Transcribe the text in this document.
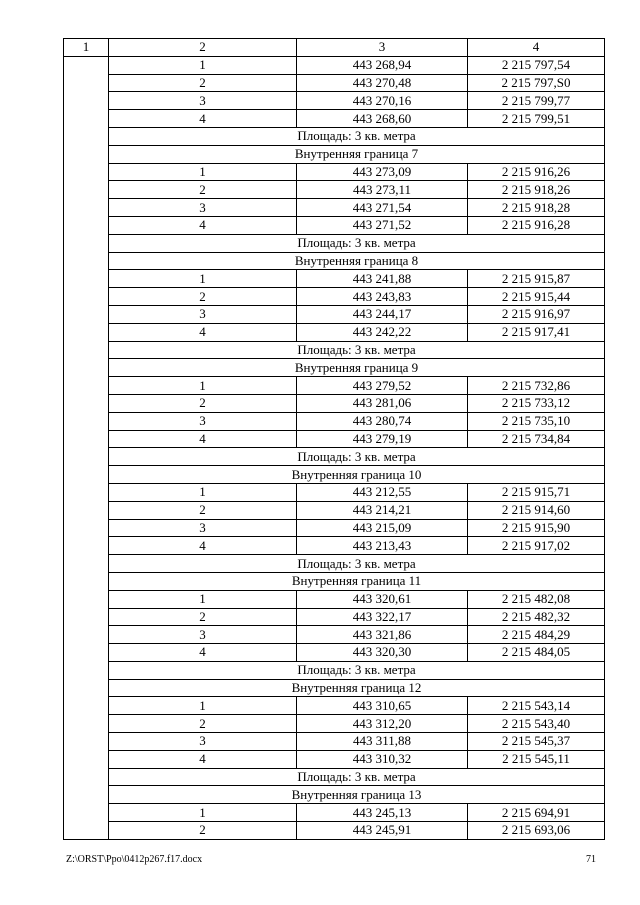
1	2	3	4
	1	443 268,94	2 215 797,54
	2	443 270,48	2 215 797,S0
	3	443 270,16	2 215 799,77
	4	443 268,60	2 215 799,51
	Площадь: 3 кв. метра		
	Внутренняя граница 7		
	1	443 273,09	2 215 916,26
	2	443 273,11	2 215 918,26
	3	443 271,54	2 215 918,28
	4	443 271,52	2 215 916,28
	Площадь: 3 кв. метра		
	Внутренняя граница 8		
	1	443 241,88	2 215 915,87
	2	443 243,83	2 215 915,44
	3	443 244,17	2 215 916,97
	4	443 242,22	2 215 917,41
	Площадь: 3 кв. метра		
	Внутренняя граница 9		
	1	443 279,52	2 215 732,86
	2	443 281,06	2 215 733,12
	3	443 280,74	2 215 735,10
	4	443 279,19	2 215 734,84
	Площадь: 3 кв. метра		
	Внутренняя граница 10		
	1	443 212,55	2 215 915,71
	2	443 214,21	2 215 914,60
	3	443 215,09	2 215 915,90
	4	443 213,43	2 215 917,02
	Площадь: 3 кв. метра		
	Внутренняя граница 11		
	1	443 320,61	2 215 482,08
	2	443 322,17	2 215 482,32
	3	443 321,86	2 215 484,29
	4	443 320,30	2 215 484,05
	Площадь: 3 кв. метра		
	Внутренняя граница 12		
	1	443 310,65	2 215 543,14
	2	443 312,20	2 215 543,40
	3	443 311,88	2 215 545,37
	4	443 310,32	2 215 545,11
	Площадь: 3 кв. метра		
	Внутренняя граница 13		
	1	443 245,13	2 215 694,91
	2	443 245,91	2 215 693,06
Z:\ORST\Ppo\0412p267.f17.docx	71
